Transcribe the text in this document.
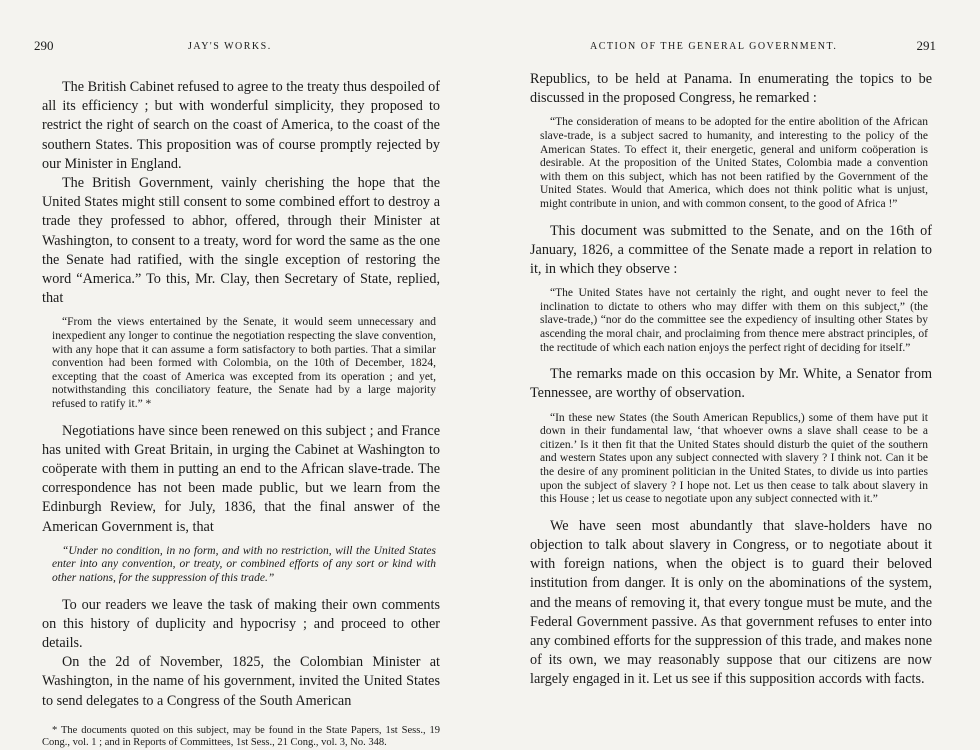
290	JAY'S WORKS.

The British Cabinet refused to agree to the treaty thus despoiled of all its efficiency ; but with wonderful simplicity, they proposed to restrict the right of search on the coast of America, to the coast of the southern States. This proposition was of course promptly rejected by our Minister in England.

The British Government, vainly cherishing the hope that the United States might still consent to some combined effort to destroy a trade they professed to abhor, offered, through their Minister at Washington, to consent to a treaty, word for word the same as the one the Senate had ratified, with the single exception of restoring the word “America.” To this, Mr. Clay, then Secretary of State, replied, that

“From the views entertained by the Senate, it would seem unnecessary and inexpedient any longer to continue the negotiation respecting the slave convention, with any hope that it can assume a form satisfactory to both parties. That a similar convention had been formed with Colombia, on the 10th of December, 1824, excepting that the coast of America was excepted from its operation ; and yet, notwithstanding this conciliatory feature, the Senate had by a large majority refused to ratify it.” *

Negotiations have since been renewed on this subject ; and France has united with Great Britain, in urging the Cabinet at Washington to coöperate with them in putting an end to the African slave-trade. The correspondence has not been made public, but we learn from the Edinburgh Review, for July, 1836, that the final answer of the American Government is, that

“Under no condition, in no form, and with no restriction, will the United States enter into any convention, or treaty, or combined efforts of any sort or kind with other nations, for the suppression of this trade.”

To our readers we leave the task of making their own comments on this history of duplicity and hypocrisy ; and proceed to other details.

On the 2d of November, 1825, the Colombian Minister at Washington, in the name of his government, invited the United States to send delegates to a Congress of the South American

* The documents quoted on this subject, may be found in the State Papers, 1st Sess., 19 Cong., vol. 1 ; and in Reports of Committees, 1st Sess., 21 Cong., vol. 3, No. 348.
ACTION OF THE GENERAL GOVERNMENT.	291

Republics, to be held at Panama. In enumerating the topics to be discussed in the proposed Congress, he remarked :

“The consideration of means to be adopted for the entire abolition of the African slave-trade, is a subject sacred to humanity, and interesting to the policy of the American States. To effect it, their energetic, general and uniform coöperation is desirable. At the proposition of the United States, Colombia made a convention with them on this subject, which has not been ratified by the Government of the United States. Would that America, which does not think politic what is unjust, might contribute in union, and with common consent, to the good of Africa !”

This document was submitted to the Senate, and on the 16th of January, 1826, a committee of the Senate made a report in relation to it, in which they observe :

“The United States have not certainly the right, and ought never to feel the inclination to dictate to others who may differ with them on this subject,” (the slave-trade,) “nor do the committee see the expediency of insulting other States by ascending the moral chair, and proclaiming from thence mere abstract principles, of the rectitude of which each nation enjoys the perfect right of deciding for itself.”

The remarks made on this occasion by Mr. White, a Senator from Tennessee, are worthy of observation.

“In these new States (the South American Republics,) some of them have put it down in their fundamental law, ‘that whoever owns a slave shall cease to be a citizen.’ Is it then fit that the United States should disturb the quiet of the southern and western States upon any subject connected with slavery ? I think not. Can it be the desire of any prominent politician in the United States, to divide us into parties upon the subject of slavery ? I hope not. Let us then cease to talk about slavery in this House ; let us cease to negotiate upon any subject connected with it.”

We have seen most abundantly that slave-holders have no objection to talk about slavery in Congress, or to negotiate about it with foreign nations, when the object is to guard their beloved institution from danger. It is only on the abominations of the system, and the means of removing it, that every tongue must be mute, and the Federal Government passive. As that government refuses to enter into any combined efforts for the suppression of this trade, and makes none of its own, we may reasonably suppose that our citizens are now largely engaged in it. Let us see if this supposition accords with facts.
